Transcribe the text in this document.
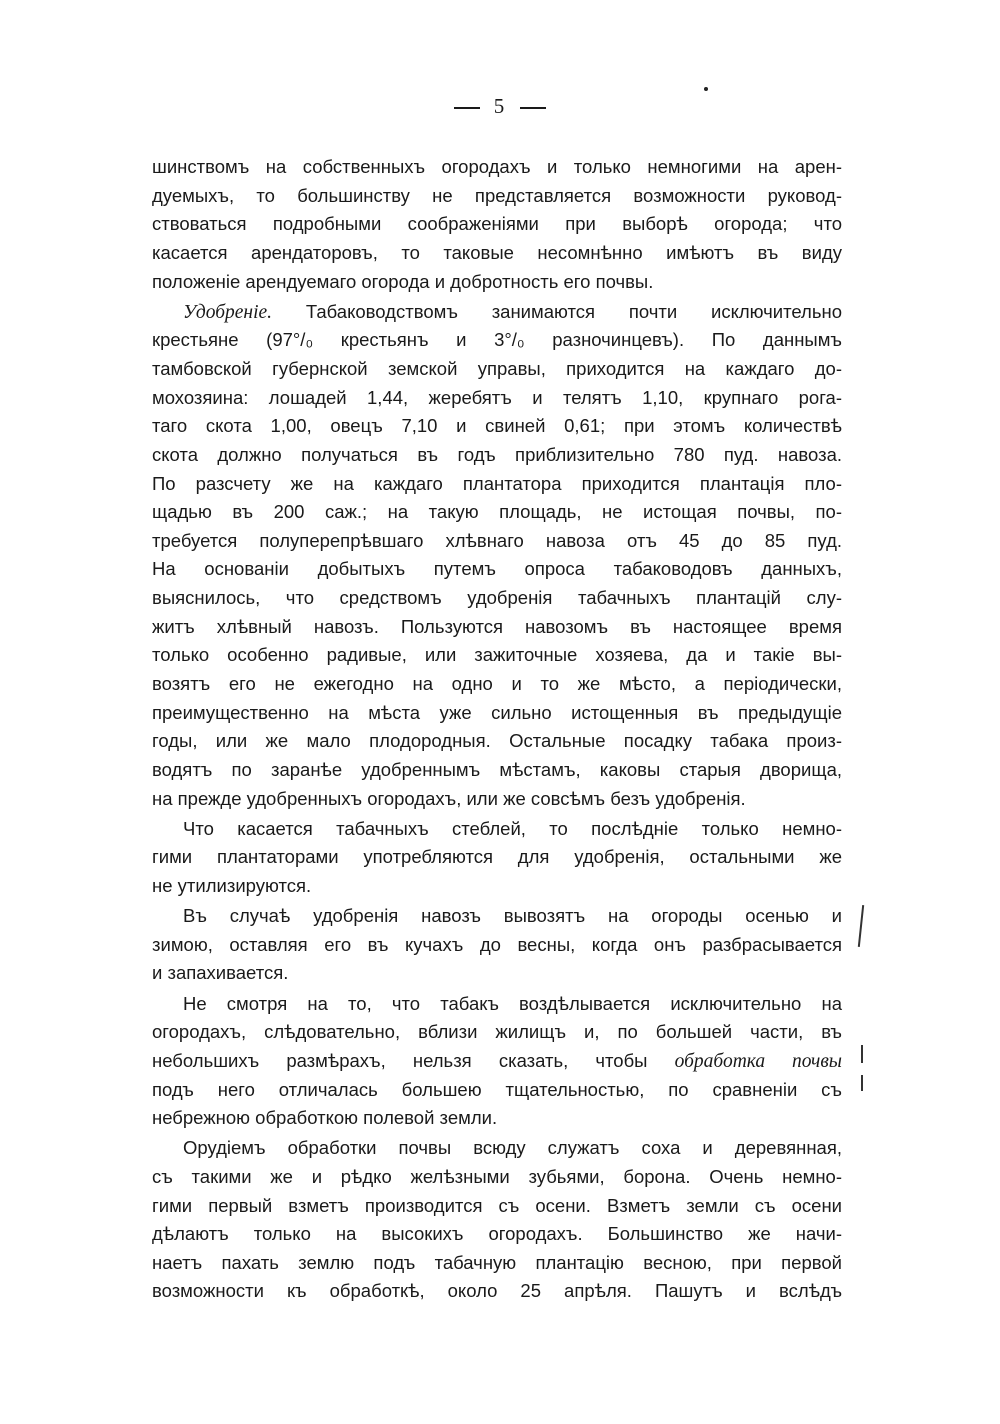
5
шинствомъ на собственныхъ огородахъ и только немногими на арен-
дуемыхъ, то большинству не представляется возможности руковод-
ствоваться подробными соображеніями при выборѣ огорода; что
касается арендаторовъ, то таковые несомнѣнно имѣютъ въ виду
положеніе арендуемаго огорода и добротность его почвы.
Удобреніе. Табаководствомъ занимаются почти исключительно
крестьяне (97°/₀ крестьянъ и 3°/₀ разночинцевъ). По даннымъ
тамбовской губернской земской управы, приходится на каждаго до-
мохозяина: лошадей 1,44, жеребятъ и телятъ 1,10, крупнаго рога-
таго скота 1,00, овецъ 7,10 и свиней 0,61; при этомъ количествѣ
скота должно получаться въ годъ приблизительно 780 пуд. навоза.
По разсчету же на каждаго плантатора приходится плантація пло-
щадью въ 200 саж.; на такую площадь, не истощая почвы, по-
требуется полуперепрѣвшаго хлѣвнаго навоза отъ 45 до 85 пуд.
На основаніи добытыхъ путемъ опроса табаководовъ данныхъ,
выяснилось, что средствомъ удобренія табачныхъ плантацій слу-
житъ хлѣвный навозъ. Пользуются навозомъ въ настоящее время
только особенно радивые, или зажиточные хозяева, да и такіе вы-
возятъ его не ежегодно на одно и то же мѣсто, а періодически,
преимущественно на мѣста уже сильно истощенныя въ предыдущіе
годы, или же мало плодородныя. Остальные посадку табака произ-
водятъ по заранѣе удобреннымъ мѣстамъ, каковы старыя дворища,
на прежде удобренныхъ огородахъ, или же совсѣмъ безъ удобренія.
Что касается табачныхъ стеблей, то послѣдніе только немно-
гими плантаторами употребляются для удобренія, остальными же
не утилизируются.
Въ случаѣ удобренія навозъ вывозятъ на огороды осенью и
зимою, оставляя его въ кучахъ до весны, когда онъ разбрасывается
и запахивается.
Не смотря на то, что табакъ воздѣлывается исключительно на
огородахъ, слѣдовательно, вблизи жилищъ и, по большей части, въ
небольшихъ размѣрахъ, нельзя сказать, чтобы обработка почвы
подъ него отличалась большею тщательностью, по сравненіи съ
небрежною обработкою полевой земли.
Орудіемъ обработки почвы всюду служатъ соха и деревянная,
съ такими же и рѣдко желѣзными зубьями, борона. Очень немно-
гими первый взметъ производится съ осени. Взметъ земли съ осени
дѣлаютъ только на высокихъ огородахъ. Большинство же начи-
наетъ пахать землю подъ табачную плантацію весною, при первой
возможности къ обработкѣ, около 25 апрѣля. Пашутъ и вслѣдъ
